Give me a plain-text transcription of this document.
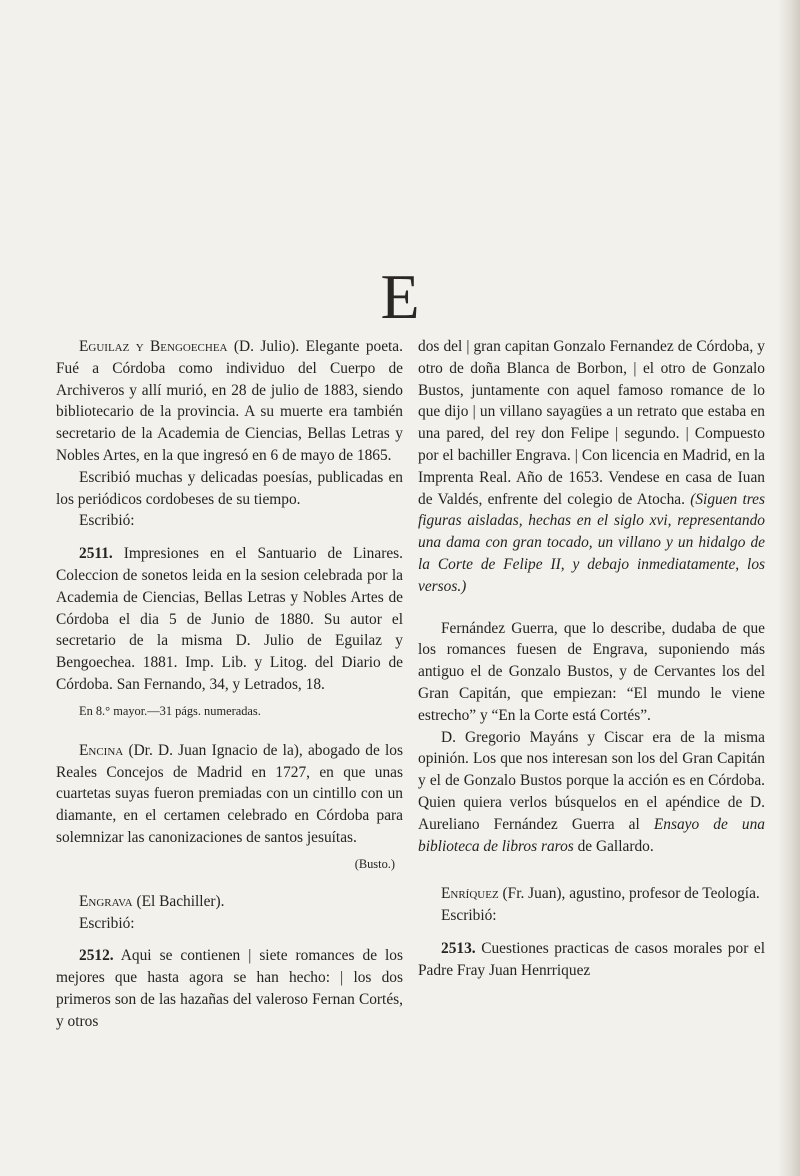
E

Eguilaz y Bengoechea (D. Julio). Elegante poeta. Fué a Córdoba como individuo del Cuerpo de Archiveros y allí murió, en 28 de julio de 1883, siendo bibliotecario de la provincia. A su muerte era también secretario de la Academia de Ciencias, Bellas Letras y Nobles Artes, en la que ingresó en 6 de mayo de 1865.

Escribió muchas y delicadas poesías, publicadas en los periódicos cordobeses de su tiempo.

Escribió:

2511. Impresiones en el Santuario de Linares. Coleccion de sonetos leida en la sesion celebrada por la Academia de Ciencias, Bellas Letras y Nobles Artes de Córdoba el dia 5 de Junio de 1880. Su autor el secretario de la misma D. Julio de Eguilaz y Bengoechea. 1881. Imp. Lib. y Litog. del Diario de Córdoba. San Fernando, 34, y Letrados, 18.

En 8.° mayor.—31 págs. numeradas.

Encina (Dr. D. Juan Ignacio de la), abogado de los Reales Concejos de Madrid en 1727, en que unas cuartetas suyas fueron premiadas con un cintillo con un diamante, en el certamen celebrado en Córdoba para solemnizar las canonizaciones de santos jesuítas.

(Busto.)

Engrava (El Bachiller).

Escribió:

2512. Aqui se contienen | siete romances de los mejores que hasta agora se han hecho: | los dos primeros son de las hazañas del valeroso Fernan Cortés, y otros

dos del | gran capitan Gonzalo Fernandez de Córdoba, y otro de doña Blanca de Borbon, | el otro de Gonzalo Bustos, juntamente con aquel famoso romance de lo que dijo | un villano sayagües a un retrato que estaba en una pared, del rey don Felipe | segundo. | Compuesto por el bachiller Engrava. | Con licencia en Madrid, en la Imprenta Real. Año de 1653. Vendese en casa de Iuan de Valdés, enfrente del colegio de Atocha. (Siguen tres figuras aisladas, hechas en el siglo xvi, representando una dama con gran tocado, un villano y un hidalgo de la Corte de Felipe II, y debajo inmediatamente, los versos.)

Fernández Guerra, que lo describe, dudaba de que los romances fuesen de Engrava, suponiendo más antiguo el de Gonzalo Bustos, y de Cervantes los del Gran Capitán, que empiezan: “El mundo le viene estrecho” y “En la Corte está Cortés”.

D. Gregorio Mayáns y Ciscar era de la misma opinión. Los que nos interesan son los del Gran Capitán y el de Gonzalo Bustos porque la acción es en Córdoba. Quien quiera verlos búsquelos en el apéndice de D. Aureliano Fernández Guerra al Ensayo de una biblioteca de libros raros de Gallardo.

Enríquez (Fr. Juan), agustino, profesor de Teología.

Escribió:

2513. Cuestiones practicas de casos morales por el Padre Fray Juan Henrriquez
